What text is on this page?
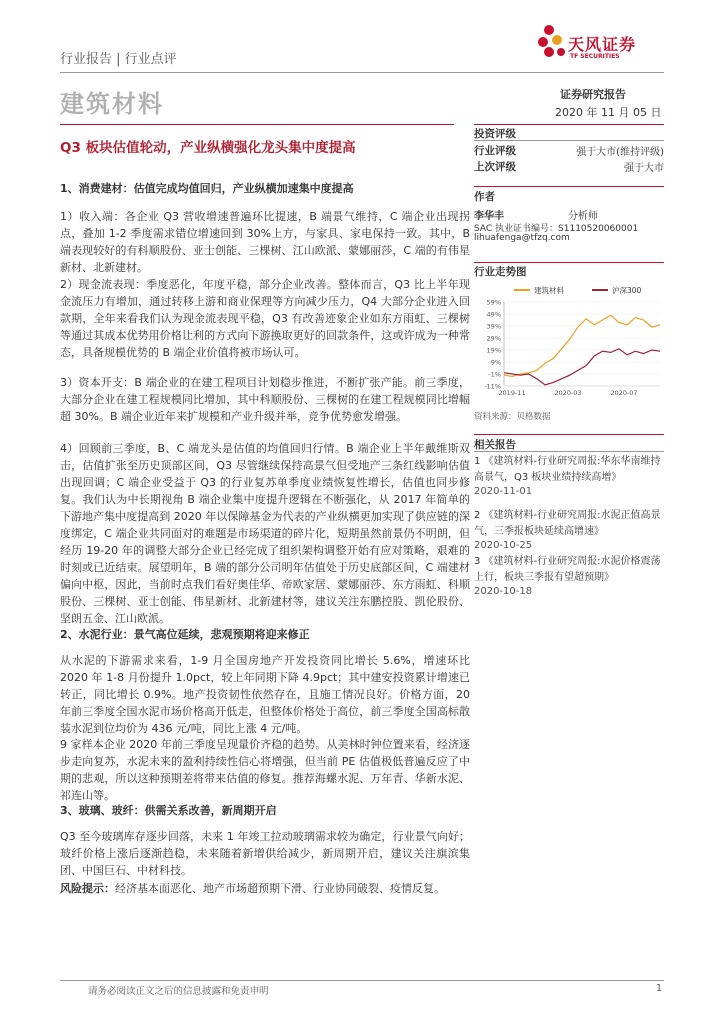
行业报告 | 行业点评
天风证券
TF SECURITIES
建筑材料	证券研究报告
2020 年 11 月 05 日
Q3 板块估值轮动，产业纵横强化龙头集中度提高
1、消费建材：估值完成均值回归，产业纵横加速集中度提高
1）收入端：各企业 Q3 营收增速普遍环比提速，B 端景气维持，C 端企业出现拐点，叠加 1-2 季度需求错位增速回到 30%上方，与家具、家电保持一致。其中，B 端表现较好的有科顺股份、亚士创能、三棵树、江山欧派、蒙娜丽莎，C 端的有伟星新材、北新建材。
2）现金流表现：季度恶化，年度平稳，部分企业改善。整体而言，Q3 比上半年现金流压力有增加，通过转移上游和商业保理等方向减少压力，Q4 大部分企业进入回款期，全年来看我们认为现金流表现平稳，Q3 有改善迹象企业如东方雨虹、三棵树等通过其成本优势用价格让利的方式向下游换取更好的回款条件，这或许成为一种常态，具备规模优势的 B 端企业价值将被市场认可。
3）资本开支：B 端企业的在建工程项目计划稳步推进，不断扩张产能。前三季度，大部分企业在建工程规模同比增加，其中科顺股份、三棵树的在建工程规模同比增幅超 30%。B 端企业近年来扩规模和产业升级并举，竞争优势愈发增强。
4）回顾前三季度，B、C 端龙头是估值的均值回归行情。B 端企业上半年戴维斯双击，估值扩张至历史顶部区间，Q3 尽管继续保持高景气但受地产三条红线影响估值出现回调；C 端企业受益于 Q3 的行业复苏单季度业绩恢复性增长，估值也同步修复。我们认为中长期视角 B 端企业集中度提升逻辑在不断强化，从 2017 年简单的下游地产集中度提高到 2020 年以保障基金为代表的产业纵横更加实现了供应链的深度绑定，C 端企业共同面对的难题是市场渠道的碎片化，短期虽然前景仍不明朗，但经历 19-20 年的调整大部分企业已经完成了组织架构调整开始有应对策略，艰难的时刻或已近结束。展望明年，B 端的部分公司明年估值处于历史底部区间，C 端建材偏向中枢，因此，当前时点我们看好奥佳华、帝欧家居、蒙娜丽莎、东方雨虹、科顺股份、三棵树、亚士创能、伟星新材、北新建材等，建议关注东鹏控股、凯伦股份、坚朗五金、江山欧派。
2、水泥行业：景气高位延续，悲观预期将迎来修正
从水泥的下游需求来看，1-9 月全国房地产开发投资同比增长 5.6%，增速环比 2020 年 1-8 月份提升 1.0pct，较上年同期下降 4.9pct；其中建安投资累计增速已转正，同比增长 0.9%。地产投资韧性依然存在，且施工情况良好。价格方面，20 年前三季度全国水泥市场价格高开低走，但整体价格处于高位，前三季度全国高标散装水泥到位均价为 436 元/吨，同比上涨 4 元/吨。
9 家样本企业 2020 年前三季度呈现量价齐稳的趋势。从美林时钟位置来看，经济逐步走向复苏，水泥未来的盈利持续性信心将增强，但当前 PE 估值极低普遍反应了中期的悲观，所以这种预期差将带来估值的修复。推荐海螺水泥、万年青、华新水泥、祁连山等。
3、玻璃、玻纤：供需关系改善，新周期开启
Q3 至今玻璃库存逐步回落，未来 1 年竣工拉动玻璃需求较为确定，行业景气向好；玻纤价格上涨后逐渐趋稳，未来随着新增供给减少，新周期开启，建议关注旗滨集团、中国巨石、中材科技。
风险提示：经济基本面恶化、地产市场超预期下滑、行业协同破裂、疫情反复。
投资评级
行业评级	强于大市(维持评级)
上次评级	强于大市
作者
李华丰	分析师
SAC 执业证书编号：S1110520060001
lihuafenga@tfzq.com
行业走势图
建筑材料	沪深300
59%
49%
39%
29%
19%
9%
-1%
-11%
2019-11	2020-03	2020-07
资料来源：贝格数据
相关报告
1 《建筑材料-行业研究周报:华东华南维持高景气，Q3 板块业绩持续高增》
2020-11-01
2 《建筑材料-行业研究周报:水泥正值高景气，三季报板块延续高增速》
2020-10-25
3 《建筑材料-行业研究周报:水泥价格震荡上行，板块三季报有望超预期》
2020-10-18
请务必阅读正文之后的信息披露和免责申明	1
